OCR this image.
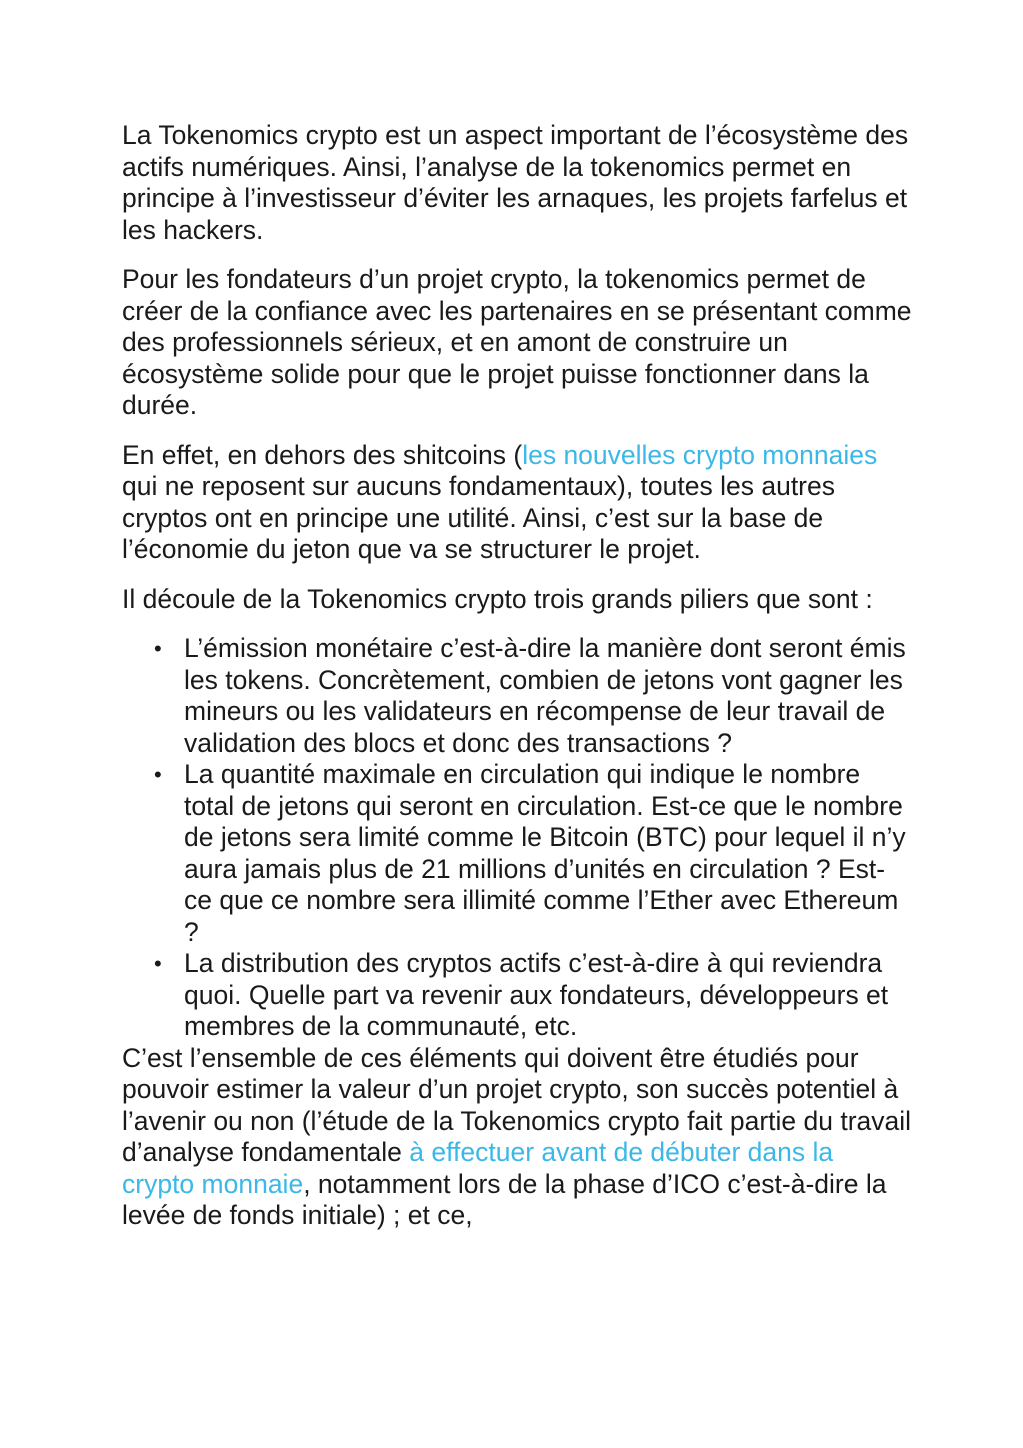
La Tokenomics crypto est un aspect important de l’écosystème des actifs numériques. Ainsi, l’analyse de la tokenomics permet en principe à l’investisseur d’éviter les arnaques, les projets farfelus et les hackers.

Pour les fondateurs d’un projet crypto, la tokenomics permet de créer de la confiance avec les partenaires en se présentant comme des professionnels sérieux, et en amont de construire un écosystème solide pour que le projet puisse fonctionner dans la durée.

En effet, en dehors des shitcoins (les nouvelles crypto monnaies qui ne reposent sur aucuns fondamentaux), toutes les autres cryptos ont en principe une utilité. Ainsi, c’est sur la base de l’économie du jeton que va se structurer le projet.

Il découle de la Tokenomics crypto trois grands piliers que sont :

• L’émission monétaire c’est-à-dire la manière dont seront émis les tokens. Concrètement, combien de jetons vont gagner les mineurs ou les validateurs en récompense de leur travail de validation des blocs et donc des transactions ?
• La quantité maximale en circulation qui indique le nombre total de jetons qui seront en circulation. Est-ce que le nombre de jetons sera limité comme le Bitcoin (BTC) pour lequel il n’y aura jamais plus de 21 millions d’unités en circulation ? Est-ce que ce nombre sera illimité comme l’Ether avec Ethereum ?
• La distribution des cryptos actifs c’est-à-dire à qui reviendra quoi. Quelle part va revenir aux fondateurs, développeurs et membres de la communauté, etc.

C’est l’ensemble de ces éléments qui doivent être étudiés pour pouvoir estimer la valeur d’un projet crypto, son succès potentiel à l’avenir ou non (l’étude de la Tokenomics crypto fait partie du travail d’analyse fondamentale à effectuer avant de débuter dans la crypto monnaie, notamment lors de la phase d’ICO c’est-à-dire la levée de fonds initiale) ; et ce,
